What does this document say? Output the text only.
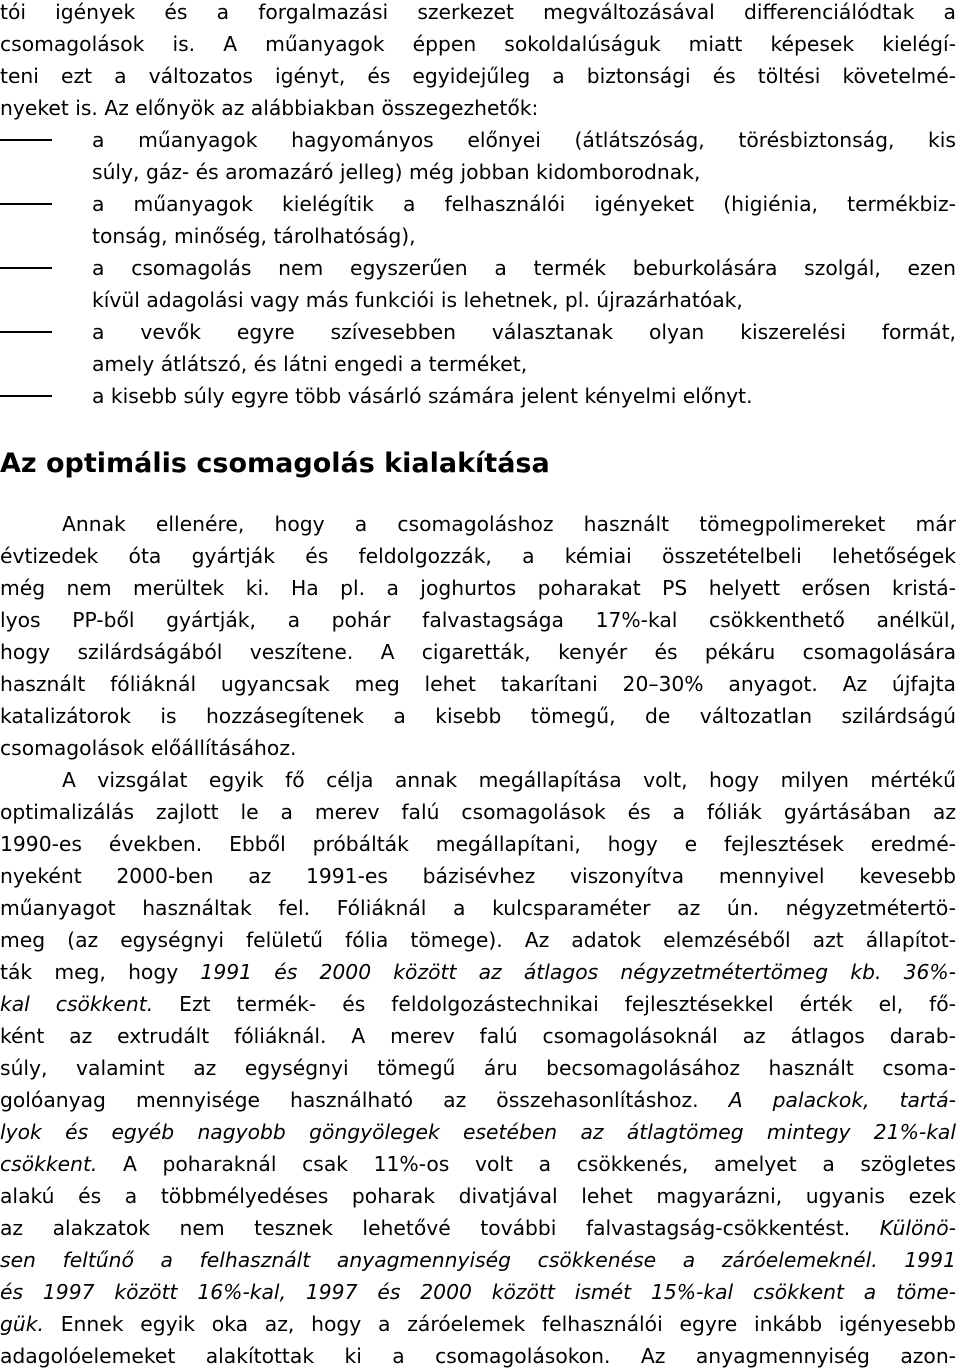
tói igények és a forgalmazási szerkezet megváltozásával differenciálódtak a

csomagolások is. A műanyagok éppen sokoldalúságuk miatt képesek kielégí-

teni ezt a változatos igényt, és egyidejűleg a biztonsági és töltési követelmé-

nyeket is. Az előnyök az alábbiakban összegezhetők:

a műanyagok hagyományos előnyei (átlátszóság, törésbiztonság, kis

súly, gáz- és aromazáró jelleg) még jobban kidomborodnak,

a műanyagok kielégítik a felhasználói igényeket (higiénia, termékbiz-

tonság, minőség, tárolhatóság),

a csomagolás nem egyszerűen a termék beburkolására szolgál, ezen

kívül adagolási vagy más funkciói is lehetnek, pl. újrazárhatóak,

a vevők egyre szívesebben választanak olyan kiszerelési formát,

amely átlátszó, és látni engedi a terméket,

a kisebb súly egyre több vásárló számára jelent kényelmi előnyt.

Az optimális csomagolás kialakítása

Annak ellenére, hogy a csomagoláshoz használt tömegpolimereket már

évtizedek óta gyártják és feldolgozzák, a kémiai összetételbeli lehetőségek

még nem merültek ki. Ha pl. a joghurtos poharakat PS helyett erősen kristá-

lyos PP-ből gyártják, a pohár falvastagsága 17%-kal csökkenthető anélkül,

hogy szilárdságából veszítene. A cigaretták, kenyér és pékáru csomagolására

használt fóliáknál ugyancsak meg lehet takarítani 20–30% anyagot. Az újfajta

katalizátorok is hozzásegítenek a kisebb tömegű, de változatlan szilárdságú

csomagolások előállításához.

A vizsgálat egyik fő célja annak megállapítása volt, hogy milyen mértékű

optimalizálás zajlott le a merev falú csomagolások és a fóliák gyártásában az

1990-es években. Ebből próbálták megállapítani, hogy e fejlesztések eredmé-

nyeként 2000-ben az 1991-es bázisévhez viszonyítva mennyivel kevesebb

műanyagot használtak fel. Fóliáknál a kulcsparaméter az ún. négyzetmétertö-

meg (az egységnyi felületű fólia tömege). Az adatok elemzéséből azt állapítot-

ták meg, hogy 1991 és 2000 között az átlagos négyzetmétertömeg kb. 36%-

kal csökkent. Ezt termék- és feldolgozástechnikai fejlesztésekkel érték el, fő-

ként az extrudált fóliáknál. A merev falú csomagolásoknál az átlagos darab-

súly, valamint az egységnyi tömegű áru becsomagolásához használt csoma-

golóanyag mennyisége használható az összehasonlításhoz. A palackok, tartá-

lyok és egyéb nagyobb göngyölegek esetében az átlagtömeg mintegy 21%-kal

csökkent. A poharaknál csak 11%-os volt a csökkenés, amelyet a szögletes

alakú és a többmélyedéses poharak divatjával lehet magyarázni, ugyanis ezek

az alakzatok nem tesznek lehetővé további falvastagság-csökkentést. Különö-

sen feltűnő a felhasznált anyagmennyiség csökkenése a záróelemeknél. 1991

és 1997 között 16%-kal, 1997 és 2000 között ismét 15%-kal csökkent a töme-

gük. Ennek egyik oka az, hogy a záróelemek felhasználói egyre inkább igényesebb

adagolóelemeket alakítottak ki a csomagolásokon. Az anyagmennyiség azon-
